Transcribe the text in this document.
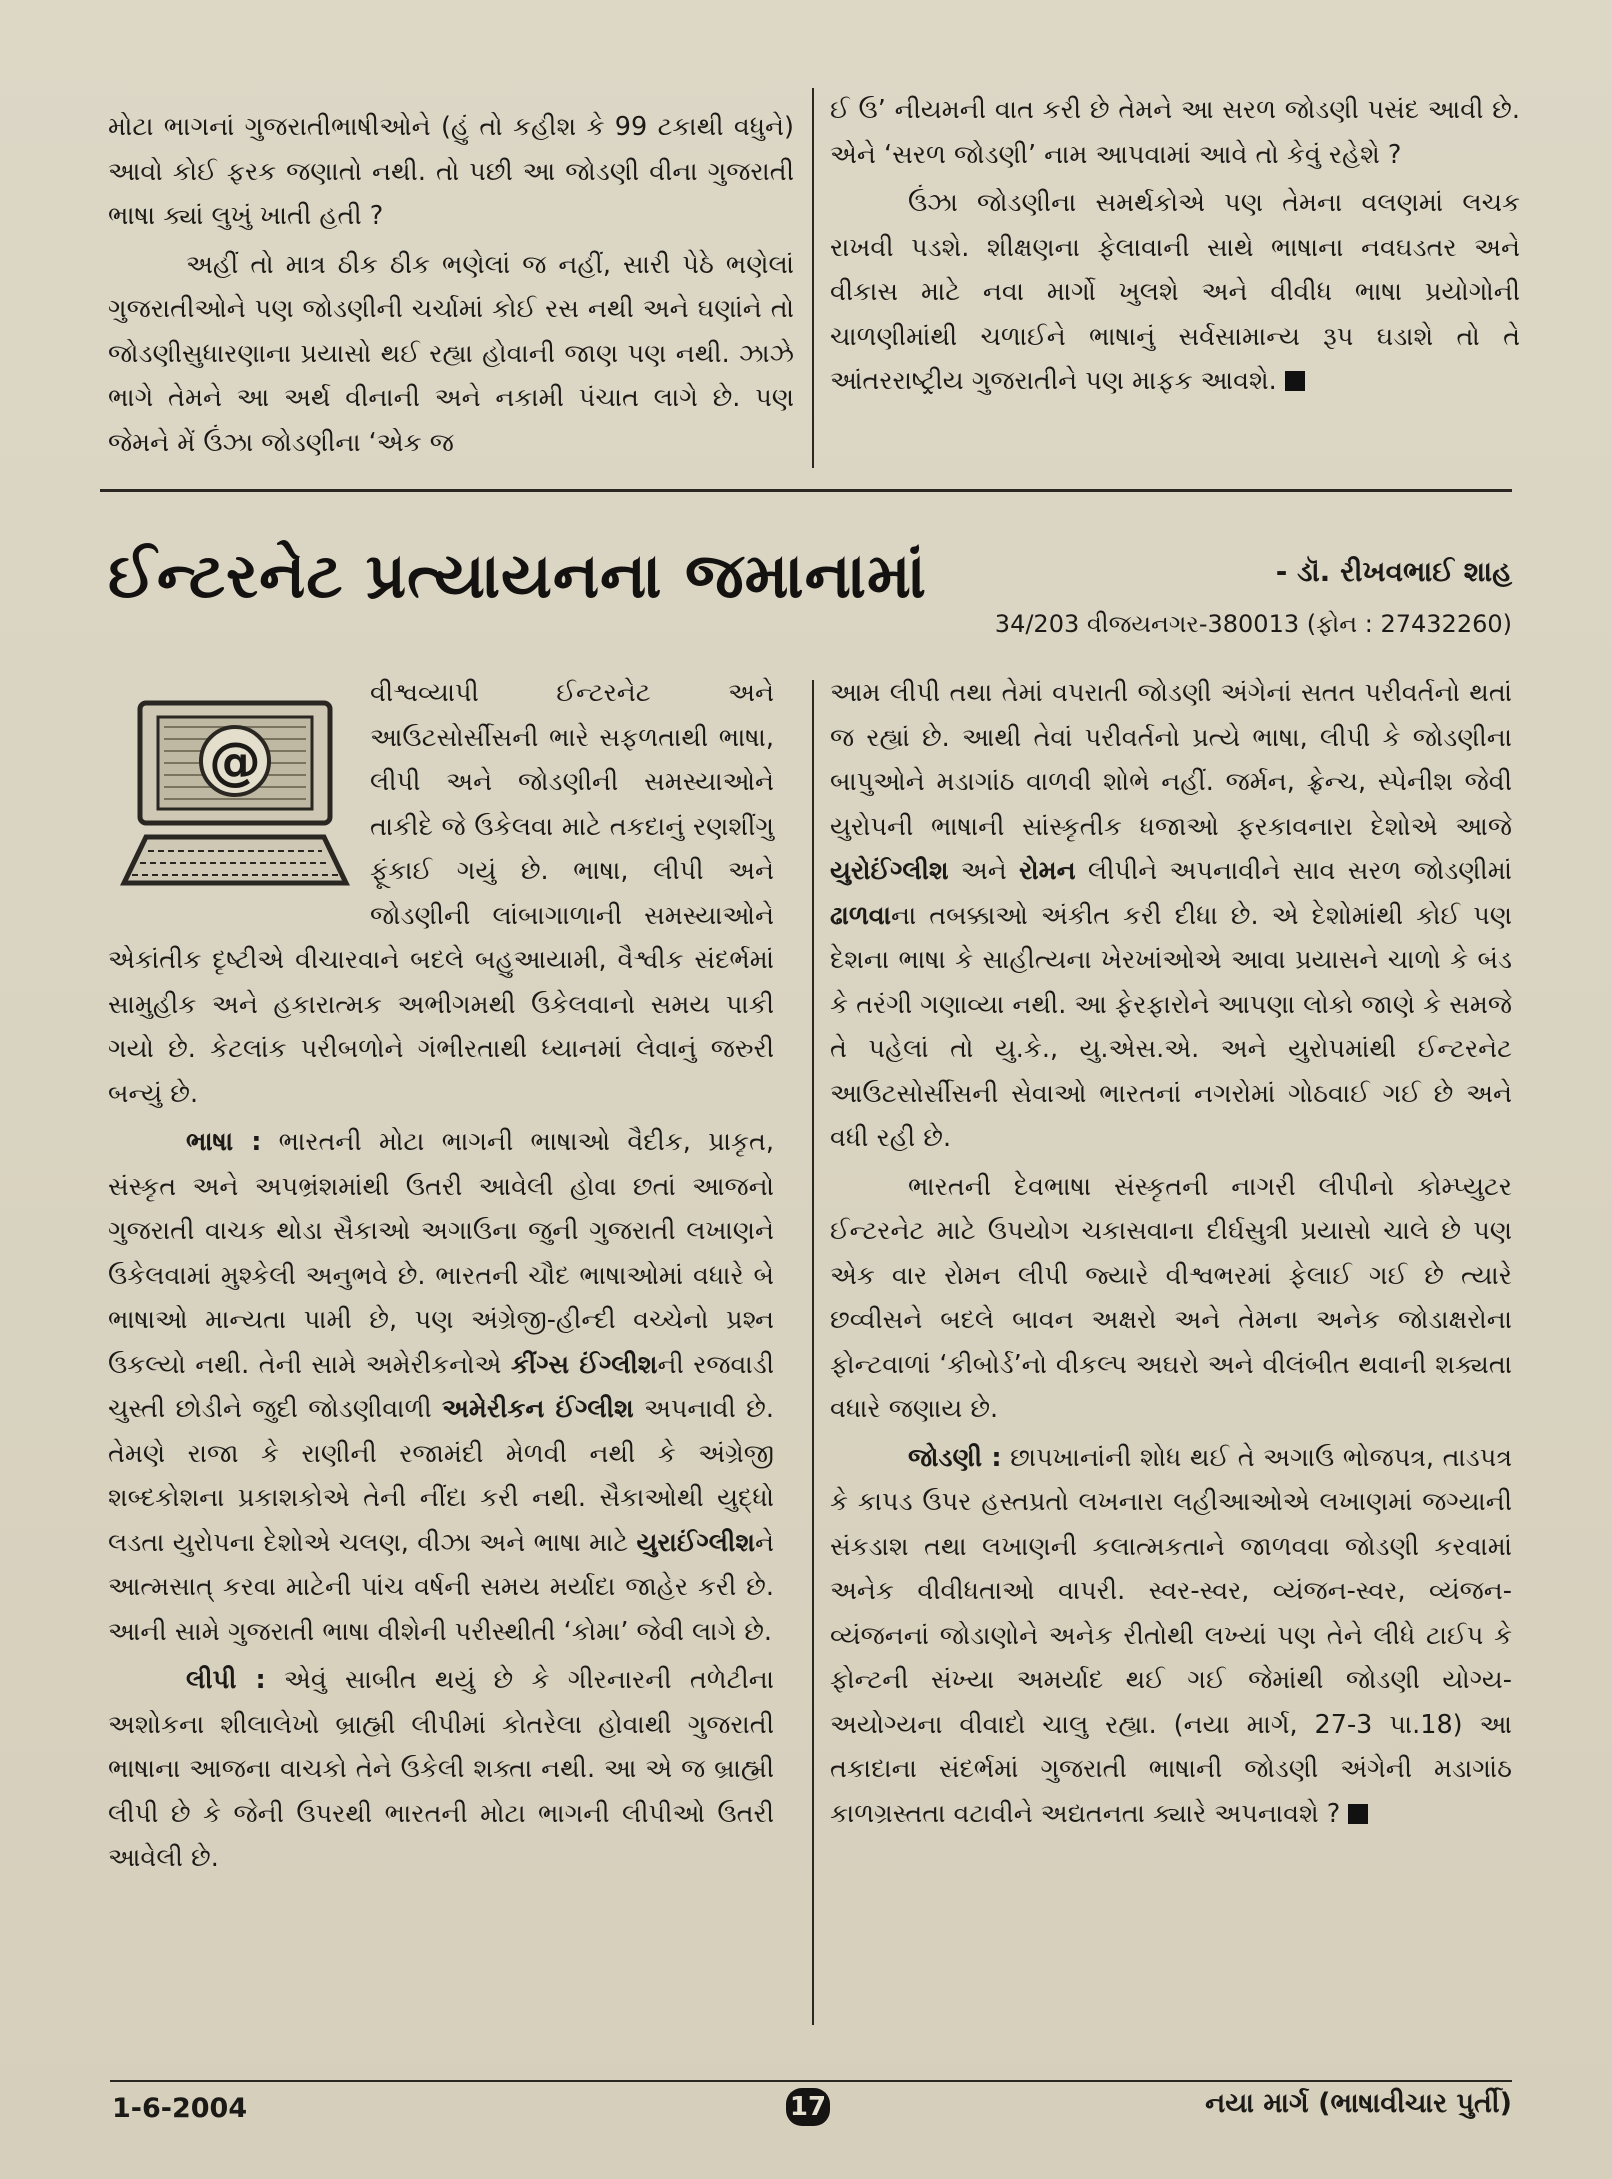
મોટા ભાગનાં ગુજરાતીભાષીઓને (હું તો કહીશ કે 99 ટકાથી વધુને) આવો કોઈ ફરક જણાતો નથી. તો પછી આ જોડણી વીના ગુજરાતી ભાષા ક્યાં લુખું ખાતી હતી ?

અહીં તો માત્ર ઠીક ઠીક ભણેલાં જ નહીં, સારી પેઠે ભણેલાં ગુજરાતીઓને પણ જોડણીની ચર્ચામાં કોઈ રસ નથી અને ઘણાંને તો જોડણીસુધારણાના પ્રયાસો થઈ રહ્યા હોવાની જાણ પણ નથી. ઝાઝે ભાગે તેમને આ અર્થ વીનાની અને નકામી પંચાત લાગે છે. પણ જેમને મેં ઉંઝા જોડણીના ‘એક જ

ઈ ઉ’ નીયમની વાત કરી છે તેમને આ સરળ જોડણી પસંદ આવી છે. એને ‘સરળ જોડણી’ નામ આપવામાં આવે તો કેવું રહેશે ?

ઉંઝા જોડણીના સમર્થકોએ પણ તેમના વલણમાં લચક રાખવી પડશે. શીક્ષણના ફેલાવાની સાથે ભાષાના નવઘડતર અને વીકાસ માટે નવા માર્ગો ખુલશે અને વીવીધ ભાષા પ્રયોગોની ચાળણીમાંથી ચળાઈને ભાષાનું સર્વસામાન્ય રૂપ ઘડાશે તો તે આંતરરાષ્ટ્રીય ગુજરાતીને પણ માફક આવશે.

ઈન્ટરનેટ પ્રત્યાયનના જમાનામાં	- ડૉ. રીખવભાઈ શાહ
34/203 વીજયનગર-380013 (ફોન : 27432260)
@

વીશ્વવ્યાપી ઈન્ટરનેટ અને આઉટસોર્સીસની ભારે સફળતાથી ભાષા, લીપી અને જોડણીની સમસ્યાઓને તાકીદે જે ઉકેલવા માટે તકદાનું રણશીંગુ ફૂંકાઈ ગયું છે. ભાષા, લીપી અને જોડણીની લાંબાગાળાની સમસ્યાઓને એકાંતીક દૃષ્ટીએ વીચારવાને બદલે બહુઆયામી, વૈશ્વીક સંદર્ભમાં સામુહીક અને હકારાત્મક અભીગમથી ઉકેલવાનો સમય પાકી ગયો છે. કેટલાંક પરીબળોને ગંભીરતાથી ધ્યાનમાં લેવાનું જરુરી બન્યું છે.

ભાષા : ભારતની મોટા ભાગની ભાષાઓ વૈદીક, પ્રાકૃત, સંસ્કૃત અને અપભ્રંશમાંથી ઉતરી આવેલી હોવા છતાં આજનો ગુજરાતી વાચક થોડા સૈકાઓ અગાઉના જુની ગુજરાતી લખાણને ઉકેલવામાં મુશ્કેલી અનુભવે છે. ભારતની ચૌદ ભાષાઓમાં વધારે બે ભાષાઓ માન્યતા પામી છે, પણ અંગ્રેજી-હીન્દી વચ્ચેનો પ્રશ્ન ઉકલ્યો નથી. તેની સામે અમેરીકનોએ કીંગ્સ ઈંગ્લીશની રજવાડી ચુસ્તી છોડીને જુદી જોડણીવાળી અમેરીકન ઈંગ્લીશ અપનાવી છે. તેમણે રાજા કે રાણીની રજામંદી મેળવી નથી કે અંગ્રેજી શબ્દકોશના પ્રકાશકોએ તેની નીંદા કરી નથી. સૈકાઓથી યુદ્ધો લડતા યુરોપના દેશોએ ચલણ, વીઝા અને ભાષા માટે યુરાઈંગ્લીશને આત્મસાત્ કરવા માટેની પાંચ વર્ષની સમય મર્યાદા જાહેર કરી છે. આની સામે ગુજરાતી ભાષા વીશેની પરીસ્થીતી ‘કોમા’ જેવી લાગે છે.

લીપી : એવું સાબીત થયું છે કે ગીરનારની તળેટીના અશોકના શીલાલેખો બ્રાહ્મી લીપીમાં કોતરેલા હોવાથી ગુજરાતી ભાષાના આજના વાચકો તેને ઉકેલી શક્તા નથી. આ એ જ બ્રાહ્મી લીપી છે કે જેની ઉપરથી ભારતની મોટા ભાગની લીપીઓ ઉતરી આવેલી છે.

આમ લીપી તથા તેમાં વપરાતી જોડણી અંગેનાં સતત પરીવર્તનો થતાં જ રહ્યાં છે. આથી તેવાં પરીવર્તનો પ્રત્યે ભાષા, લીપી કે જોડણીના બાપુઓને મડાગાંઠ વાળવી શોભે નહીં. જર્મન, ફ્રેન્ચ, સ્પેનીશ જેવી યુરોપની ભાષાની સાંસ્કૃતીક ધજાઓ ફરકાવનારા દેશોએ આજે યુરોઈંગ્લીશ અને રોમન લીપીને અપનાવીને સાવ સરળ જોડણીમાં ઢાળવાના તબક્કાઓ અંકીત કરી દીધા છે. એ દેશોમાંથી કોઈ પણ દેશના ભાષા કે સાહીત્યના ખેરખાંઓએ આવા પ્રયાસને ચાળો કે બંડ કે તરંગી ગણાવ્યા નથી. આ ફેરફારોને આપણા લોકો જાણે કે સમજે તે પહેલાં તો યુ.કે., યુ.એસ.એ. અને યુરોપમાંથી ઈન્ટરનેટ આઉટસોર્સીસની સેવાઓ ભારતનાં નગરોમાં ગોઠવાઈ ગઈ છે અને વધી રહી છે.

ભારતની દેવભાષા સંસ્કૃતની નાગરી લીપીનો કોમ્પ્યુટર ઈન્ટરનેટ માટે ઉપયોગ ચકાસવાના દીર્ઘસુત્રી પ્રયાસો ચાલે છે પણ એક વાર રોમન લીપી જ્યારે વીશ્વભરમાં ફેલાઈ ગઈ છે ત્યારે છવ્વીસને બદલે બાવન અક્ષરો અને તેમના અનેક જોડાક્ષરોના ફોન્ટવાળાં ‘કીબોર્ડ’નો વીકલ્પ અઘરો અને વીલંબીત થવાની શક્યતા વધારે જણાય છે.

જોડણી : છાપખાનાંની શોધ થઈ તે અગાઉ ભોજપત્ર, તાડપત્ર કે કાપડ ઉપર હસ્તપ્રતો લખનારા લહીઆઓએ લખાણમાં જગ્યાની સંકડાશ તથા લખાણની કલાત્મકતાને જાળવવા જોડણી કરવામાં અનેક વીવીધતાઓ વાપરી. સ્વર-સ્વર, વ્યંજન-સ્વર, વ્યંજન-વ્યંજનનાં જોડાણોને અનેક રીતોથી લખ્યાં પણ તેને લીધે ટાઈપ કે ફોન્ટની સંખ્યા અમર્યાદ થઈ ગઈ જેમાંથી જોડણી યોગ્ય-અયોગ્યના વીવાદો ચાલુ રહ્યા. (નયા માર્ગ, 27-3 પા.18) આ તકાદાના સંદર્ભમાં ગુજરાતી ભાષાની જોડણી અંગેની મડાગાંઠ કાળગ્રસ્તતા વટાવીને અદ્યતનતા ક્યારે અપનાવશે ?

1-6-2004	17	નયા માર્ગ (ભાષાવીચાર પુર્તી)
